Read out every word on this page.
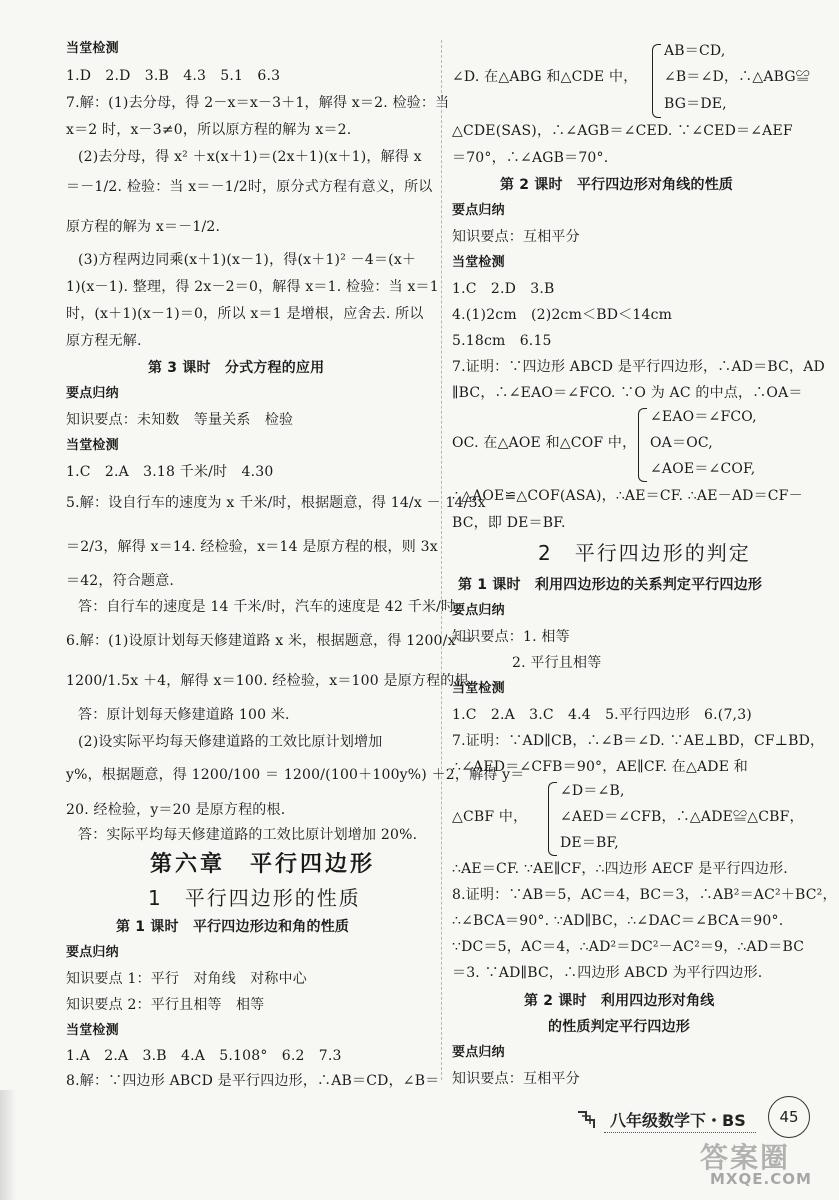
当堂检测
1.D　2.D　3.B　4.3　5.1　6.3
7.解：(1)去分母，得 2－x＝x－3＋1，解得 x＝2. 检验：当
x＝2 时，x－3≠0，所以原方程的解为 x＝2.
(2)去分母，得 x² ＋x(x＋1)＝(2x＋1)(x＋1)，解得 x
＝－1/2. 检验：当 x＝－1/2时，原分式方程有意义，所以
原方程的解为 x＝－1/2.
(3)方程两边同乘(x＋1)(x－1)，得(x＋1)² －4＝(x＋
1)(x－1). 整理，得 2x－2＝0，解得 x＝1. 检验：当 x＝1
时，(x＋1)(x－1)＝0，所以 x＝1 是增根，应舍去. 所以
原方程无解.
第 3 课时　分式方程的应用
要点归纳
知识要点：未知数　等量关系　检验
当堂检测
1.C　2.A　3.18 千米/时　4.30
5.解：设自行车的速度为 x 千米/时，根据题意，得 14/x － 14/3x
＝2/3，解得 x＝14. 经检验，x＝14 是原方程的根，则 3x
＝42，符合题意.
答：自行车的速度是 14 千米/时，汽车的速度是 42 千米/时.
6.解：(1)设原计划每天修建道路 x 米，根据题意，得 1200/x ＝
1200/1.5x ＋4，解得 x＝100. 经检验，x＝100 是原方程的根.
答：原计划每天修建道路 100 米.
(2)设实际平均每天修建道路的工效比原计划增加
y%，根据题意，得 1200/100 ＝ 1200/(100＋100y%) ＋2，解得 y＝
20. 经检验，y＝20 是原方程的根.
答：实际平均每天修建道路的工效比原计划增加 20%.
第六章　平行四边形
1　平行四边形的性质
第 1 课时　平行四边形边和角的性质
要点归纳
知识要点 1：平行　对角线　对称中心
知识要点 2：平行且相等　相等
当堂检测
1.A　2.A　3.B　4.A　5.108°　6.2　7.3
8.解：∵四边形 ABCD 是平行四边形，∴AB＝CD，∠B＝
AB＝CD,
∠D. 在△ABG 和△CDE 中， ∠B＝∠D，∴△ABG≌
BG＝DE,
△CDE(SAS)，∴∠AGB＝∠CED. ∵∠CED＝∠AEF
＝70°，∴∠AGB＝70°.
第 2 课时　平行四边形对角线的性质
要点归纳
知识要点：互相平分
当堂检测
1.C　2.D　3.B
4.(1)2cm　(2)2cm＜BD＜14cm
5.18cm　6.15
7.证明：∵四边形 ABCD 是平行四边形，∴AD＝BC，AD
∥BC，∴∠EAO＝∠FCO. ∵O 为 AC 的中点，∴OA＝
∠EAO＝∠FCO,
OC. 在△AOE 和△COF 中， OA＝OC,
∠AOE＝∠COF,
∴△AOE≌△COF(ASA)，∴AE＝CF. ∴AE－AD＝CF－
BC，即 DE＝BF.
2　平行四边形的判定
第 1 课时　利用四边形边的关系判定平行四边形
要点归纳
知识要点：1. 相等
2. 平行且相等
当堂检测
1.C　2.A　3.C　4.4　5.平行四边形　6.(7,3)
7.证明：∵AD∥CB，∴∠B＝∠D. ∵AE⊥BD，CF⊥BD，
∴∠AED＝∠CFB＝90°，AE∥CF. 在△ADE 和
∠D＝∠B,
△CBF 中， ∠AED＝∠CFB，∴△ADE≌△CBF，
DE＝BF,
∴AE＝CF. ∵AE∥CF，∴四边形 AECF 是平行四边形.
8.证明：∵AB＝5，AC＝4，BC＝3，∴AB²＝AC²＋BC²，
∴∠BCA＝90°. ∵AD∥BC，∴∠DAC＝∠BCA＝90°.
∵DC＝5，AC＝4，∴AD²＝DC²－AC²＝9，∴AD＝BC
＝3. ∵AD∥BC，∴四边形 ABCD 为平行四边形.
第 2 课时　利用四边形对角线
的性质判定平行四边形
要点归纳
知识要点：互相平分
八年级数学下・BS	45
答案圈
MXQE.COM
